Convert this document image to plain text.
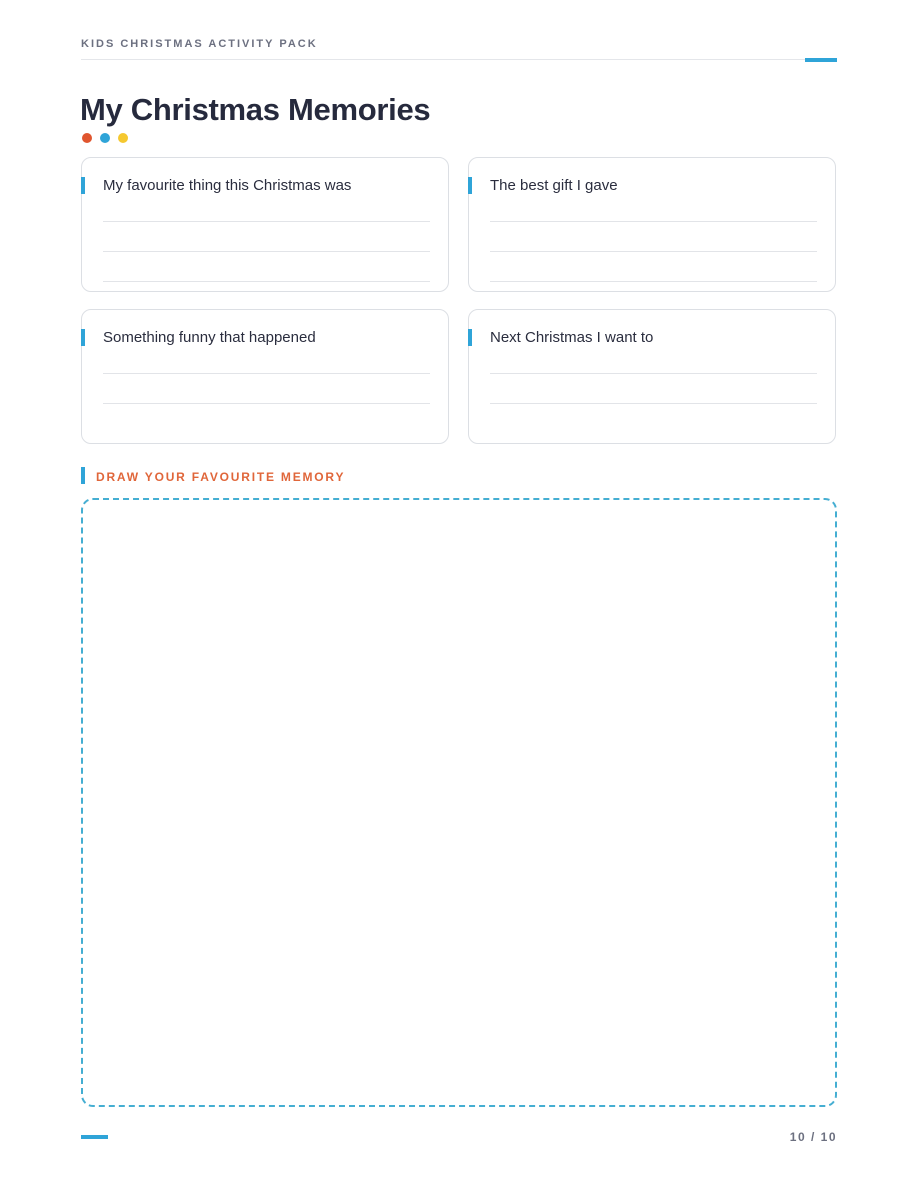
KIDS CHRISTMAS ACTIVITY PACK
My Christmas Memories
My favourite thing this Christmas was	The best gift I gave
Something funny that happened	Next Christmas I want to
DRAW YOUR FAVOURITE MEMORY
10 / 10
